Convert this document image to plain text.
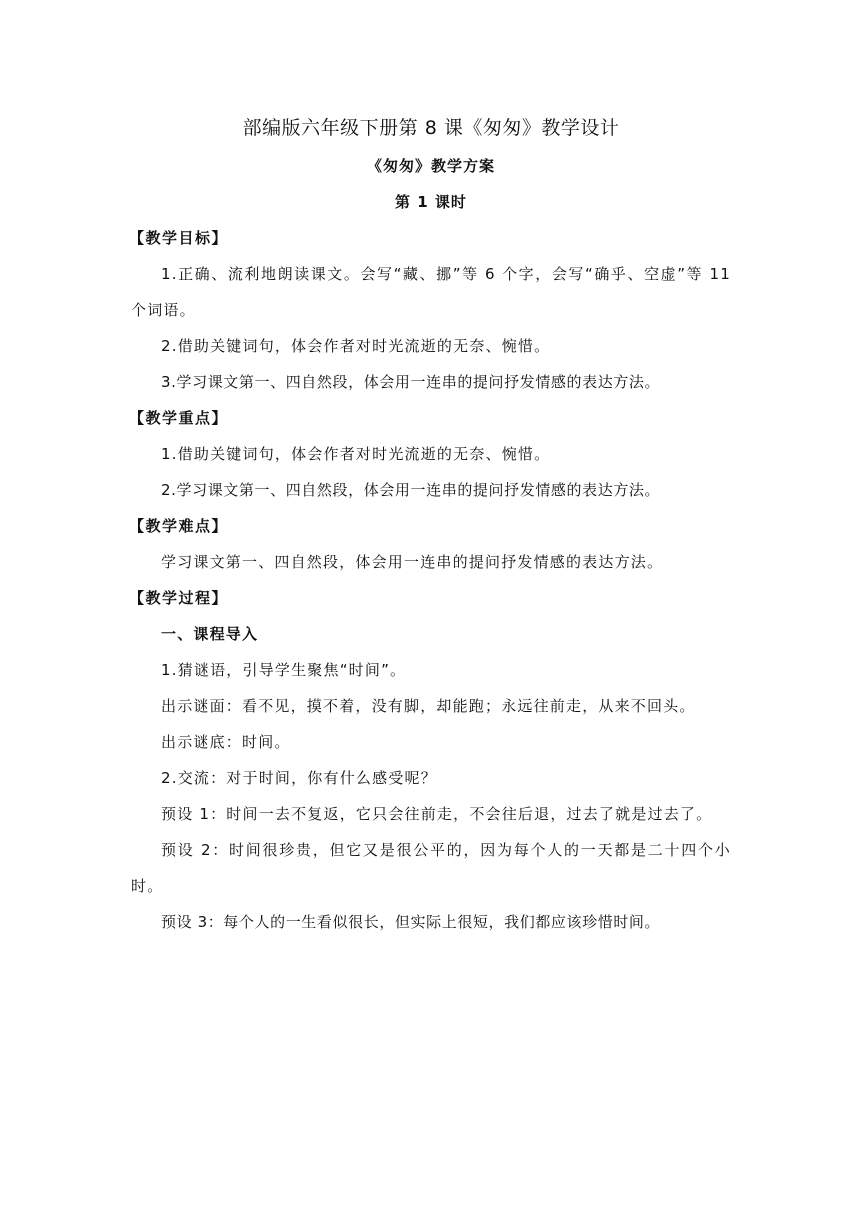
部编版六年级下册第 8 课《匆匆》教学设计
《匆匆》教学方案
第 1 课时
【教学目标】
1.正确、流利地朗读课文。会写“藏、挪”等 6 个字，会写“确乎、空虚”等 11 个词语。
2.借助关键词句，体会作者对时光流逝的无奈、惋惜。
3.学习课文第一、四自然段，体会用一连串的提问抒发情感的表达方法。
【教学重点】
1.借助关键词句，体会作者对时光流逝的无奈、惋惜。
2.学习课文第一、四自然段，体会用一连串的提问抒发情感的表达方法。
【教学难点】
学习课文第一、四自然段，体会用一连串的提问抒发情感的表达方法。
【教学过程】
一、课程导入
1.猜谜语，引导学生聚焦“时间”。
出示谜面：看不见，摸不着，没有脚，却能跑；永远往前走，从来不回头。
出示谜底：时间。
2.交流：对于时间，你有什么感受呢？
预设 1：时间一去不复返，它只会往前走，不会往后退，过去了就是过去了。
预设 2：时间很珍贵，但它又是很公平的，因为每个人的一天都是二十四个小时。
预设 3：每个人的一生看似很长，但实际上很短，我们都应该珍惜时间。
